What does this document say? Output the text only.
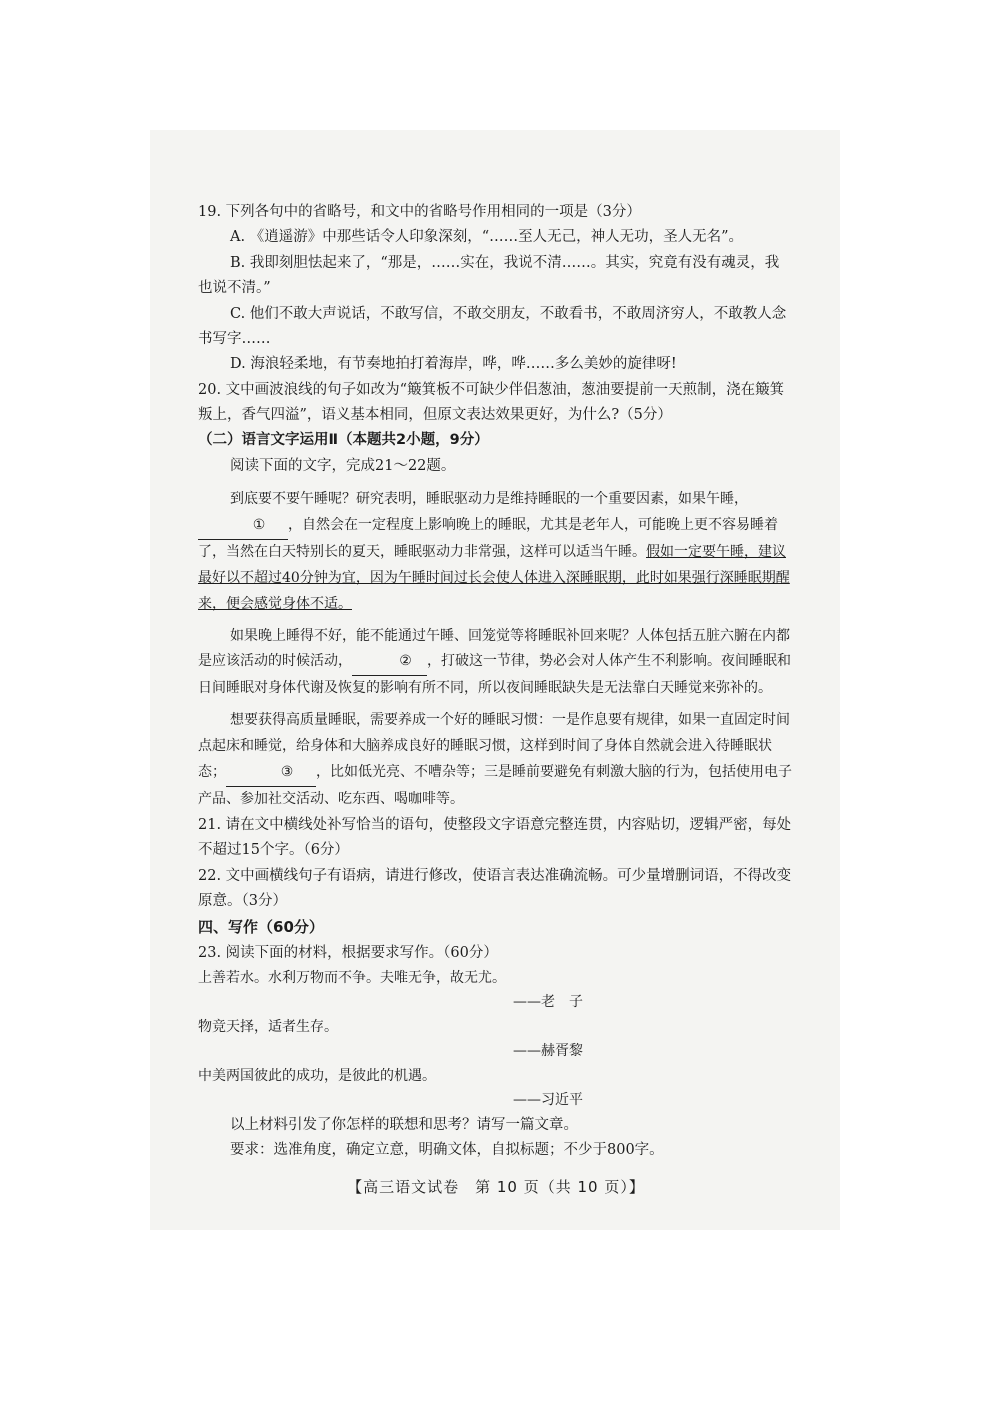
19. 下列各句中的省略号，和文中的省略号作用相同的一项是（3分）

A. 《逍遥游》中那些话令人印象深刻，“……至人无己，神人无功，圣人无名”。

B. 我即刻胆怯起来了，“那是，……实在，我说不清……。其实，究竟有没有魂灵，我也说不清。”

C. 他们不敢大声说话，不敢写信，不敢交朋友，不敢看书，不敢周济穷人，不敢教人念书写字……

D. 海浪轻柔地，有节奏地拍打着海岸，哗，哗……多么美妙的旋律呀!

20. 文中画波浪线的句子如改为“簸箕板不可缺少伴侣葱油，葱油要提前一天煎制，浇在簸箕叛上，香气四溢”，语义基本相同，但原文表达效果更好，为什么?（5分）

（二）语言文字运用Ⅱ（本题共2小题，9分）

阅读下面的文字，完成21～22题。

到底要不要午睡呢？研究表明，睡眠驱动力是维持睡眠的一个重要因素，如果午睡，① ，自然会在一定程度上影响晚上的睡眠，尤其是老年人，可能晚上更不容易睡着了，当然在白天特别长的夏天，睡眠驱动力非常强，这样可以适当午睡。假如一定要午睡，建议最好以不超过40分钟为宜，因为午睡时间过长会使人体进入深睡眠期，此时如果强行深睡眠期醒来，便会感觉身体不适。

如果晚上睡得不好，能不能通过午睡、回笼觉等将睡眠补回来呢？人体包括五脏六腑在内都是应该活动的时候活动，	② ，打破这一节律，势必会对人体产生不利影响。夜间睡眠和日间睡眠对身体代谢及恢复的影响有所不同，所以夜间睡眠缺失是无法靠白天睡觉来弥补的。

想要获得高质量睡眠，需要养成一个好的睡眠习惯：一是作息要有规律，如果一直固定时间点起床和睡觉，给身体和大脑养成良好的睡眠习惯，这样到时间了身体自然就会进入待睡眠状态；	③ ，比如低光亮、不嘈杂等；三是睡前要避免有刺激大脑的行为，包括使用电子产品、参加社交活动、吃东西、喝咖啡等。

21. 请在文中横线处补写恰当的语句，使整段文字语意完整连贯，内容贴切，逻辑严密，每处不超过15个字。（6分）

22. 文中画横线句子有语病，请进行修改，使语言表达准确流畅。可少量增删词语，不得改变原意。（3分）

四、写作（60分）

23. 阅读下面的材料，根据要求写作。（60分）

上善若水。水利万物而不争。夫唯无争，故无尤。

——老　子

物竞天择，适者生存。

——赫胥黎

中美两国彼此的成功，是彼此的机遇。

——习近平

以上材料引发了你怎样的联想和思考？请写一篇文章。

要求：选准角度，确定立意，明确文体，自拟标题；不少于800字。

【高三语文试卷　第 10 页（共 10 页）】
